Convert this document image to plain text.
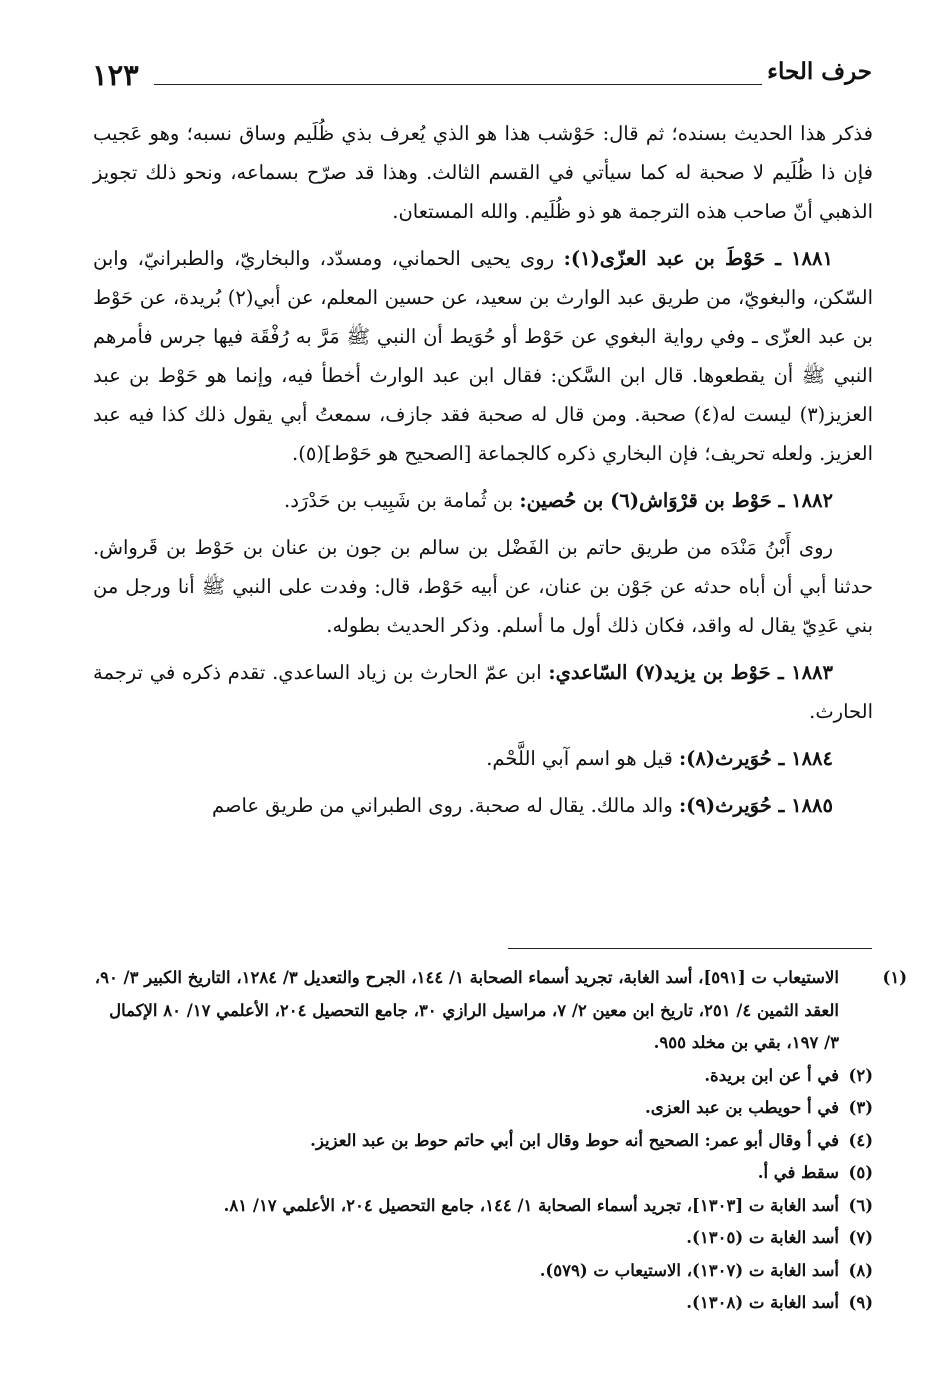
١٢٣	حرف الحاء

فذكر هذا الحديث بسنده؛ ثم قال: حَوْشب هذا هو الذي يُعرف بذي ظُلَيم وساق نسبه؛ وهو عَجيب فإن ذا ظُلَيم لا صحبة له كما سيأتي في القسم الثالث. وهذا قد صرّح بسماعه، ونحو ذلك تجويز الذهبي أنّ صاحب هذه الترجمة هو ذو ظُلَيم. والله المستعان.

١٨٨١ ـ حَوْطَ بن عبد العزّى(١): روى يحيى الحماني، ومسدّد، والبخاريّ، والطبرانيّ، وابن السّكن، والبغويّ، من طريق عبد الوارث بن سعيد، عن حسين المعلم، عن أبي(٢) بُريدة، عن حَوْط بن عبد العزّى ـ وفي رواية البغوي عن حَوْط أو حُوَيط أن النبي ﷺ مَرَّ به رُفْقَة فيها جرس فأمرهم النبي ﷺ أن يقطعوها. قال ابن السَّكن: فقال ابن عبد الوارث أخطأ فيه، وإنما هو حَوْط بن عبد العزيز(٣) ليست له(٤) صحبة. ومن قال له صحبة فقد جازف، سمعتُ أبي يقول ذلك كذا فيه عبد العزيز. ولعله تحريف؛ فإن البخاري ذكره كالجماعة [الصحيح هو حَوْط](٥).

١٨٨٢ ـ حَوْط بن قرْوَاش(٦) بن حُصين: بن ثُمامة بن شَبِيب بن حَدْرَد.

روى أَبْنُ مَنْدَه من طريق حاتم بن الفَضْل بن سالم بن جون بن عنان بن حَوْط بن قَرواش. حدثنا أبي أن أباه حدثه عن جَوْن بن عنان، عن أبيه حَوْط، قال: وفدت على النبي ﷺ أنا ورجل من بني عَدِيّ يقال له واقد، فكان ذلك أول ما أسلم. وذكر الحديث بطوله.

١٨٨٣ ـ حَوْط بن يزيد(٧) السّاعدي: ابن عمّ الحارث بن زياد الساعدي. تقدم ذكره في ترجمة الحارث.

١٨٨٤ ـ حُوَيرث(٨): قيل هو اسم آبي اللَّحْم.

١٨٨٥ ـ حُوَيرث(٩): والد مالك. يقال له صحبة. روى الطبراني من طريق عاصم

(١)الاستيعاب ت [٥٩١]، أسد الغابة، تجريد أسماء الصحابة ١/ ١٤٤، الجرح والتعديل ٣/ ١٢٨٤، التاريخ الكبير ٣/ ٩٠، العقد الثمين ٤/ ٢٥١، تاريخ ابن معين ٢/ ٧، مراسيل الرازي ٣٠، جامع التحصيل ٢٠٤، الأعلمي ١٧/ ٨٠ الإكمال ٣/ ١٩٧، بقي بن مخلد ٩٥٥.

(٢)في أ عن ابن بريدة.

(٣)في أ حويطب بن عبد العزى.

(٤)في أ وقال أبو عمر: الصحيح أنه حوط وقال ابن أبي حاتم حوط بن عبد العزيز.

(٥)سقط في أ.

(٦)أسد الغابة ت [١٣٠٣]، تجريد أسماء الصحابة ١/ ١٤٤، جامع التحصيل ٢٠٤، الأعلمي ١٧/ ٨١.

(٧)أسد الغابة ت (١٣٠٥).

(٨)أسد الغابة ت (١٣٠٧)، الاستيعاب ت (٥٧٩).

(٩)أسد الغابة ت (١٣٠٨).
